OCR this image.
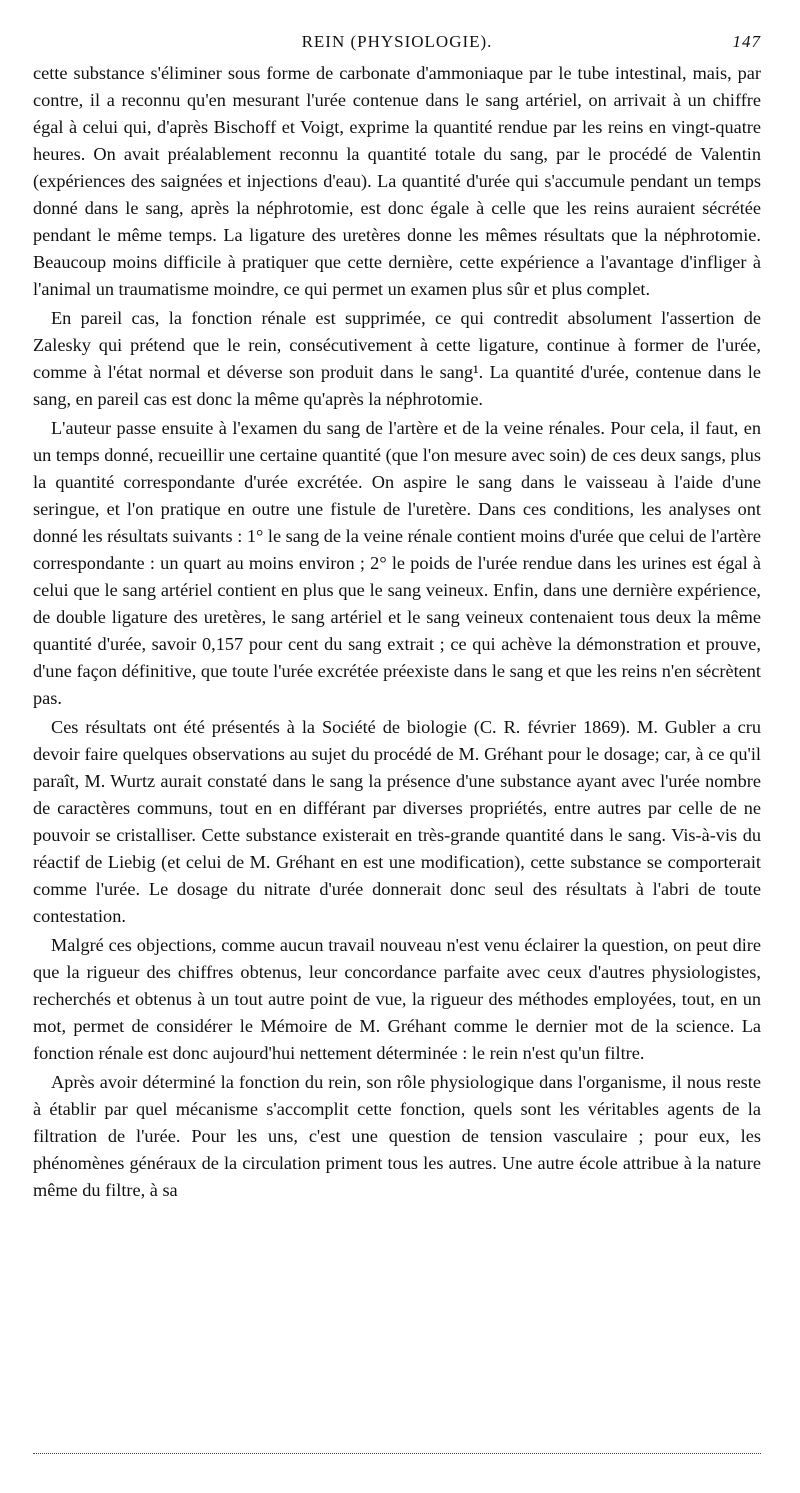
REIN (PHYSIOLOGIE).	147

cette substance s'éliminer sous forme de carbonate d'ammoniaque par le tube intestinal, mais, par contre, il a reconnu qu'en mesurant l'urée contenue dans le sang artériel, on arrivait à un chiffre égal à celui qui, d'après Bischoff et Voigt, exprime la quantité rendue par les reins en vingt-quatre heures. On avait préalablement reconnu la quantité totale du sang, par le procédé de Valentin (expériences des saignées et injections d'eau). La quantité d'urée qui s'accumule pendant un temps donné dans le sang, après la néphrotomie, est donc égale à celle que les reins auraient sécrétée pendant le même temps. La ligature des uretères donne les mêmes résultats que la néphrotomie. Beaucoup moins difficile à pratiquer que cette dernière, cette expérience a l'avantage d'infliger à l'animal un traumatisme moindre, ce qui permet un examen plus sûr et plus complet.

En pareil cas, la fonction rénale est supprimée, ce qui contredit absolument l'assertion de Zalesky qui prétend que le rein, consécutivement à cette ligature, continue à former de l'urée, comme à l'état normal et déverse son produit dans le sang¹. La quantité d'urée, contenue dans le sang, en pareil cas est donc la même qu'après la néphrotomie.

L'auteur passe ensuite à l'examen du sang de l'artère et de la veine rénales. Pour cela, il faut, en un temps donné, recueillir une certaine quantité (que l'on mesure avec soin) de ces deux sangs, plus la quantité correspondante d'urée excrétée. On aspire le sang dans le vaisseau à l'aide d'une seringue, et l'on pratique en outre une fistule de l'uretère. Dans ces conditions, les analyses ont donné les résultats suivants : 1° le sang de la veine rénale contient moins d'urée que celui de l'artère correspondante : un quart au moins environ ; 2° le poids de l'urée rendue dans les urines est égal à celui que le sang artériel contient en plus que le sang veineux. Enfin, dans une dernière expérience, de double ligature des uretères, le sang artériel et le sang veineux contenaient tous deux la même quantité d'urée, savoir 0,157 pour cent du sang extrait ; ce qui achève la démonstration et prouve, d'une façon définitive, que toute l'urée excrétée préexiste dans le sang et que les reins n'en sécrètent pas.

Ces résultats ont été présentés à la Société de biologie (C. R. février 1869). M. Gubler a cru devoir faire quelques observations au sujet du procédé de M. Gréhant pour le dosage; car, à ce qu'il paraît, M. Wurtz aurait constaté dans le sang la présence d'une substance ayant avec l'urée nombre de caractères communs, tout en en différant par diverses propriétés, entre autres par celle de ne pouvoir se cristalliser. Cette substance existerait en très-grande quantité dans le sang. Vis-à-vis du réactif de Liebig (et celui de M. Gréhant en est une modification), cette substance se comporterait comme l'urée. Le dosage du nitrate d'urée donnerait donc seul des résultats à l'abri de toute contestation.

Malgré ces objections, comme aucun travail nouveau n'est venu éclairer la question, on peut dire que la rigueur des chiffres obtenus, leur concordance parfaite avec ceux d'autres physiologistes, recherchés et obtenus à un tout autre point de vue, la rigueur des méthodes employées, tout, en un mot, permet de considérer le Mémoire de M. Gréhant comme le dernier mot de la science. La fonction rénale est donc aujourd'hui nettement déterminée : le rein n'est qu'un filtre.

Après avoir déterminé la fonction du rein, son rôle physiologique dans l'organisme, il nous reste à établir par quel mécanisme s'accomplit cette fonction, quels sont les véritables agents de la filtration de l'urée. Pour les uns, c'est une question de tension vasculaire ; pour eux, les phénomènes généraux de la circulation priment tous les autres. Une autre école attribue à la nature même du filtre, à sa
